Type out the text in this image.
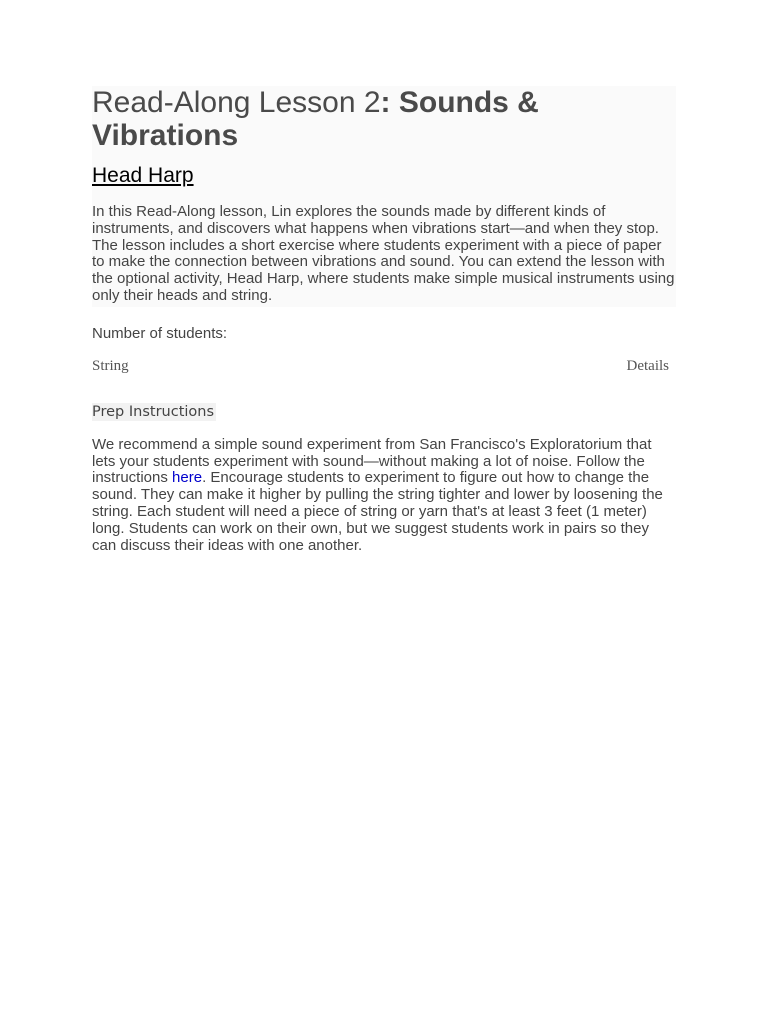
Read-Along Lesson 2: Sounds & Vibrations
Head Harp

In this Read-Along lesson, Lin explores the sounds made by different kinds of instruments, and discovers what happens when vibrations start—and when they stop. The lesson includes a short exercise where students experiment with a piece of paper to make the connection between vibrations and sound. You can extend the lesson with the optional activity, Head Harp, where students make simple musical instruments using only their heads and string.

Number of students:

String	Details
Prep Instructions

We recommend a simple sound experiment from San Francisco's Exploratorium that lets your students experiment with sound—without making a lot of noise. Follow the instructions here. Encourage students to experiment to figure out how to change the sound. They can make it higher by pulling the string tighter and lower by loosening the string. Each student will need a piece of string or yarn that's at least 3 feet (1 meter) long. Students can work on their own, but we suggest students work in pairs so they can discuss their ideas with one another.
